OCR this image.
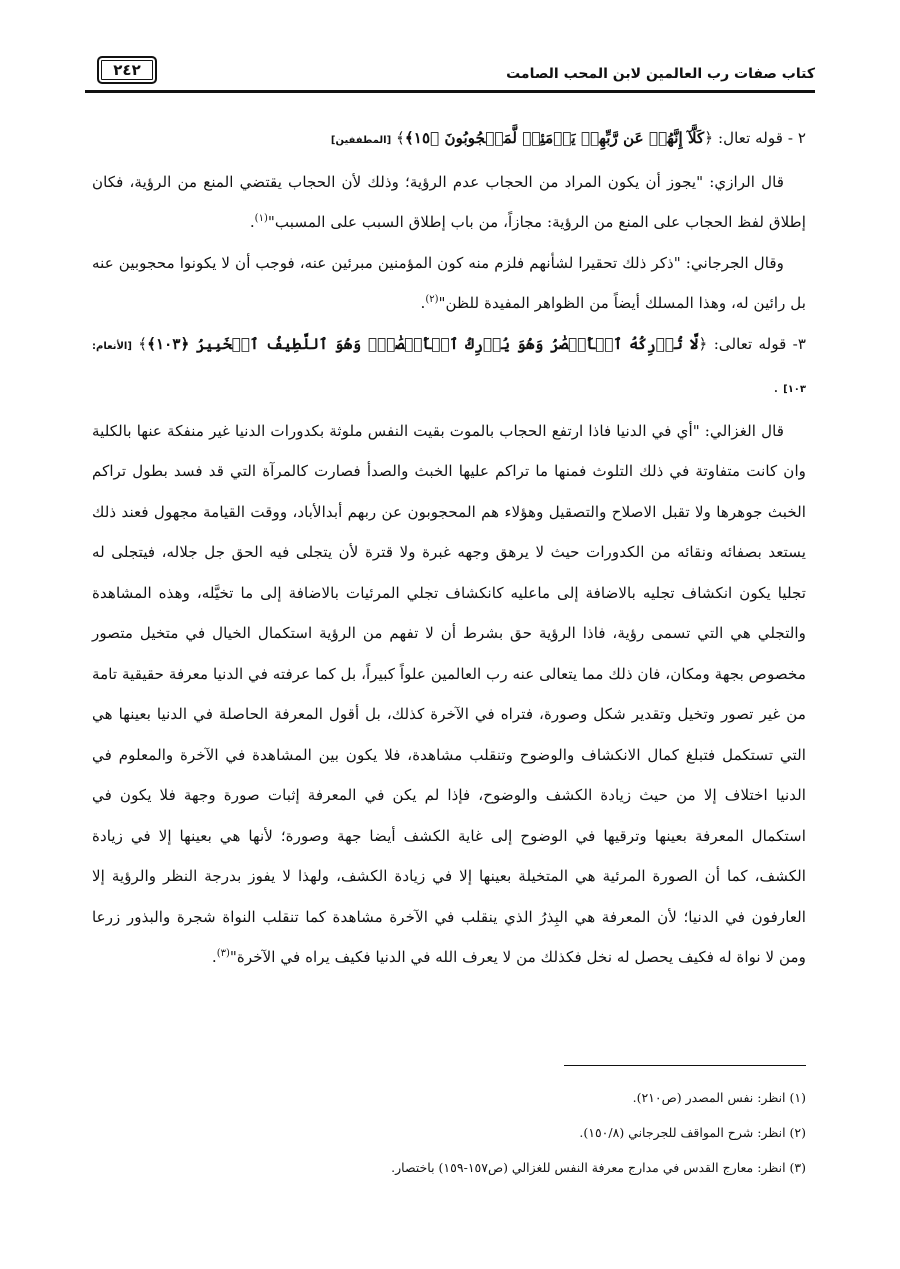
كتاب صفات رب العالمين لابن المحب الصامت
٢٤٢

٢ - قوله تعال: ﴿كَلَّآ إِنَّهُمۡ عَن رَّبِّهِمۡ يَوۡمَئِذٖ لَّمَحۡجُوبُونَ ﴿١٥﴾﴾ [المطففين]

قال الرازي: "يجوز أن يكون المراد من الحجاب عدم الرؤية؛ وذلك لأن الحجاب يقتضي المنع من الرؤية، فكان إطلاق لفظ الحجاب على المنع من الرؤية: مجازاً، من باب إطلاق السبب على المسبب"$^{(١)}$.

وقال الجرجاني: "ذكر ذلك تحقيرا لشأنهم فلزم منه كون المؤمنين مبرئين عنه، فوجب أن لا يكونوا محجوبين عنه بل رائين له، وهذا المسلك أيضاً من الظواهر المفيدة للظن"$^{(٢)}$.

٣- قوله تعالى: ﴿لَّا تُدۡرِكُهُ ٱلۡأَبۡصَٰرُ وَهُوَ يُدۡرِكُ ٱلۡأَبۡصَٰرَۖ وَهُوَ ٱللَّطِيفُ ٱلۡخَبِيرُ ﴿١٠٣﴾﴾ [الأنعام: ١٠٣] .

قال الغزالي: "أي في الدنيا فاذا ارتفع الحجاب بالموت بقيت النفس ملوثة بكدورات الدنيا غير منفكة عنها بالكلية وان كانت متفاوتة في ذلك التلوث فمنها ما تراكم عليها الخبث والصدأ فصارت كالمرآة التي قد فسد بطول تراكم الخبث جوهرها ولا تقبل الاصلاح والتصقيل وهؤلاء هم المحجوبون عن ربهم أبدالأباد، ووقت القيامة مجهول فعند ذلك يستعد بصفائه ونقائه من الكدورات حيث لا يرهق وجهه غبرة ولا قترة لأن يتجلى فيه الحق جل جلاله، فيتجلى له تجليا يكون انكشاف تجليه بالاضافة إلى ماعليه كانكشاف تجلي المرئيات بالاضافة إلى ما تخيَّله، وهذه المشاهدة والتجلي هي التي تسمى رؤية، فاذا الرؤية حق بشرط أن لا تفهم من الرؤية استكمال الخيال في متخيل متصور مخصوص بجهة ومكان، فان ذلك مما يتعالى عنه رب العالمين علواً كبيراً، بل كما عرفته في الدنيا معرفة حقيقية تامة من غير تصور وتخيل وتقدير شكل وصورة، فتراه في الآخرة كذلك، بل أقول المعرفة الحاصلة في الدنيا بعينها هي التي تستكمل فتبلغ كمال الانكشاف والوضوح وتنقلب مشاهدة، فلا يكون بين المشاهدة في الآخرة والمعلوم في الدنيا اختلاف إلا من حيث زيادة الكشف والوضوح، فإذا لم يكن في المعرفة إثبات صورة وجهة فلا يكون في استكمال المعرفة بعينها وترقيها في الوضوح إلى غاية الكشف أيضا جهة وصورة؛ لأنها هي بعينها إلا في زيادة الكشف، كما أن الصورة المرئية هي المتخيلة بعينها إلا في زيادة الكشف، ولهذا لا يفوز بدرجة النظر والرؤية إلا العارفون في الدنيا؛ لأن المعرفة هي البِذرُ الذي ينقلب في الآخرة مشاهدة كما تنقلب النواة شجرة والبذور زرعا ومن لا نواة له فكيف يحصل له نخل فكذلك من لا يعرف الله في الدنيا فكيف يراه في الآخرة"$^{(٣)}$.

(١) انظر: نفس المصدر (ص٢١٠).

(٢) انظر: شرح المواقف للجرجاني (١٥٠/٨).

(٣) انظر: معارج القدس في مدارج معرفة النفس للغزالي (ص١٥٧-١٥٩) باختصار.
